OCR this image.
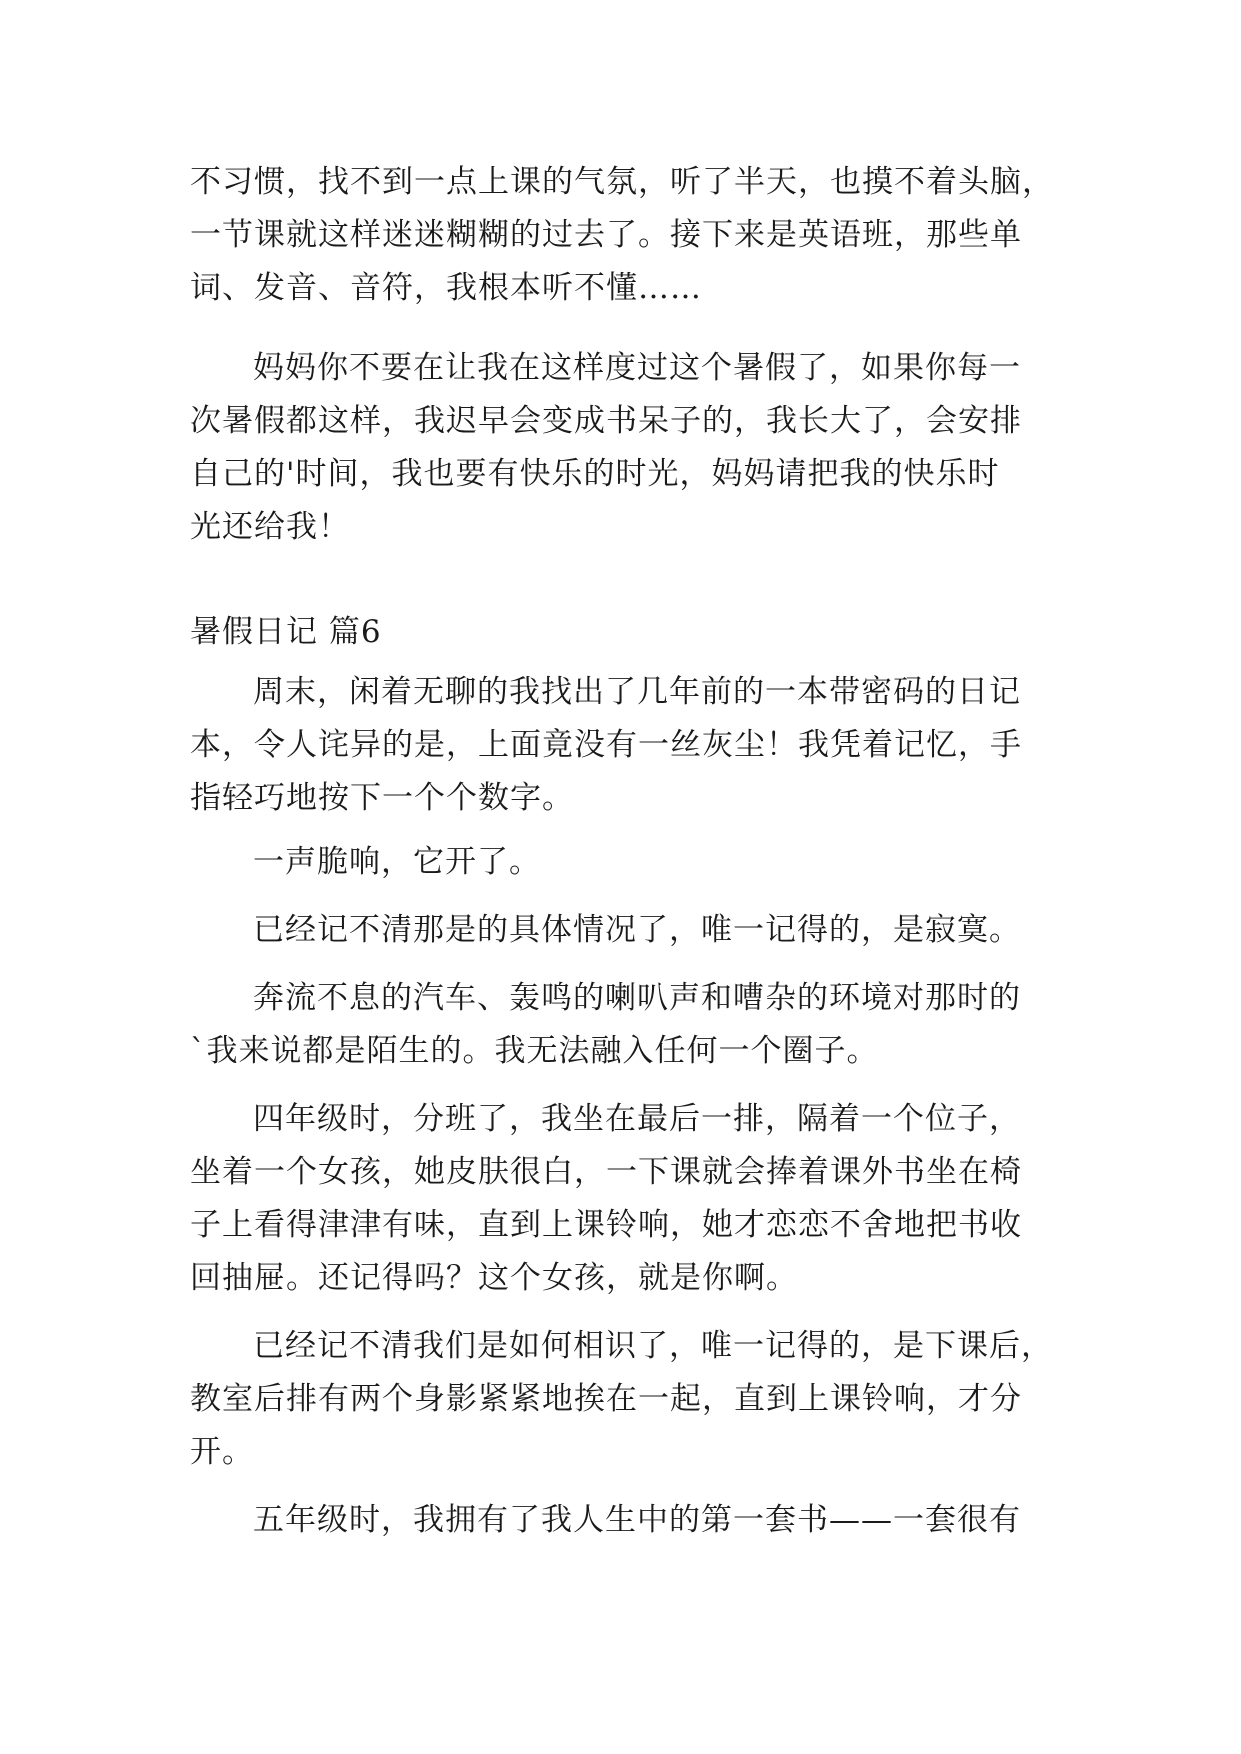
不习惯，找不到一点上课的气氛，听了半天，也摸不着头脑，
一节课就这样迷迷糊糊的过去了。接下来是英语班，那些单
词、发音、音符，我根本听不懂……
妈妈你不要在让我在这样度过这个暑假了，如果你每一
次暑假都这样，我迟早会变成书呆子的，我长大了，会安排
自己的'时间，我也要有快乐的时光，妈妈请把我的快乐时
光还给我！
暑假日记 篇6
周末，闲着无聊的我找出了几年前的一本带密码的日记
本，令人诧异的是，上面竟没有一丝灰尘！我凭着记忆，手
指轻巧地按下一个个数字。
一声脆响，它开了。
已经记不清那是的具体情况了，唯一记得的，是寂寞。
奔流不息的汽车、轰鸣的喇叭声和嘈杂的环境对那时的
`我来说都是陌生的。我无法融入任何一个圈子。
四年级时，分班了，我坐在最后一排，隔着一个位子，
坐着一个女孩，她皮肤很白，一下课就会捧着课外书坐在椅
子上看得津津有味，直到上课铃响，她才恋恋不舍地把书收
回抽屉。还记得吗？这个女孩，就是你啊。
已经记不清我们是如何相识了，唯一记得的，是下课后，
教室后排有两个身影紧紧地挨在一起，直到上课铃响，才分
开。
五年级时，我拥有了我人生中的第一套书——一套很有
